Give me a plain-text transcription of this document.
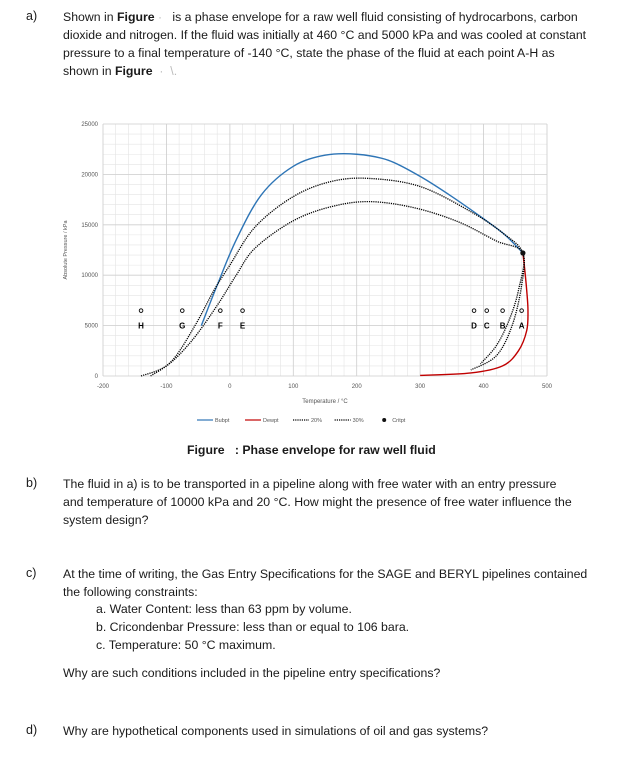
a) Shown in Figure ·   is a phase envelope for a raw well fluid consisting of hydrocarbons, carbon
dioxide and nitrogen. If the fluid was initially at 460 °C and 5000 kPa and was cooled at constant
pressure to a final temperature of -140 °C, state the phase of the fluid at each point A-H as
shown in Figure  ·  \.
-200	-100	0	100	200	300	400	500
0
5000
10000
15000
20000
25000
Temperature / °C
Absolute Pressure / kPa
A
B
C
D
E
F
G
H
Bubpt	Dewpt	20%	30%	Critpt
Figure : Phase envelope for raw well fluid
b) The fluid in a) is to be transported in a pipeline along with free water with an entry pressure
and temperature of 10000 kPa and 20 °C. How might the presence of free water influence the
system design?
c) At the time of writing, the Gas Entry Specifications for the SAGE and BERYL pipelines contained
the following constraints:
a. Water Content: less than 63 ppm by volume.
b. Cricondenbar Pressure: less than or equal to 106 bara.
c. Temperature: 50 °C maximum.
Why are such conditions included in the pipeline entry specifications?
d) Why are hypothetical components used in simulations of oil and gas systems?
